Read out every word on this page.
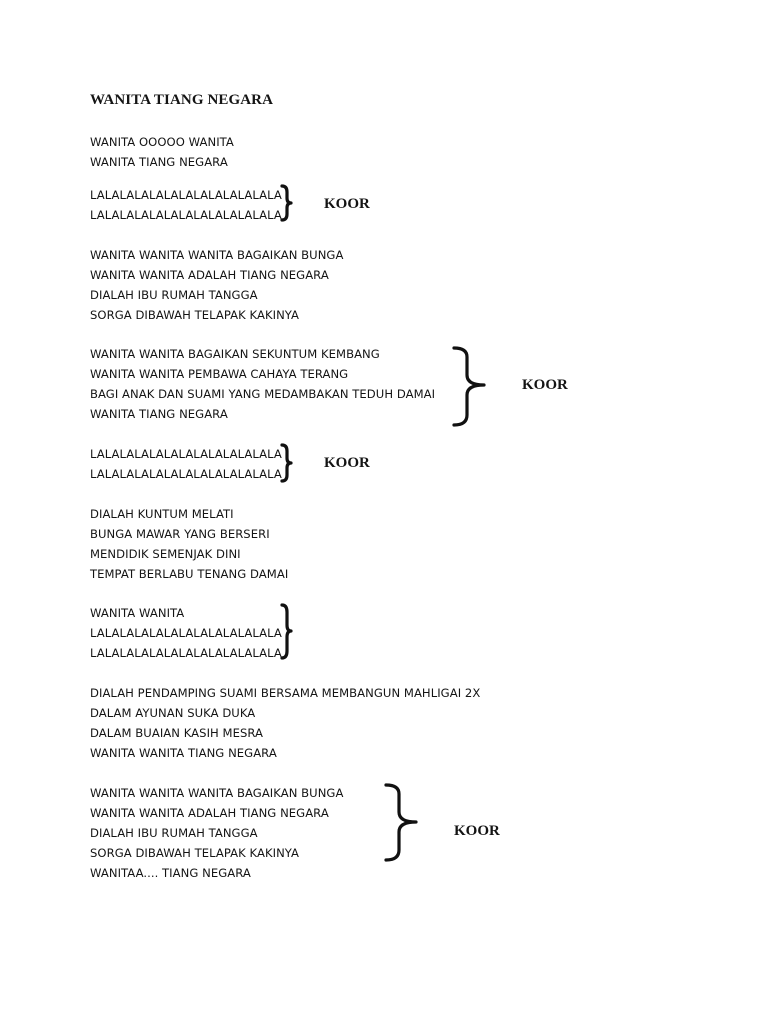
WANITA TIANG NEGARA
WANITA OOOOO WANITA
WANITA TIANG NEGARA
LALALALALALALALALALALALALA
LALALALALALALALALALALALALA
KOOR
WANITA WANITA WANITA BAGAIKAN BUNGA
WANITA WANITA ADALAH TIANG NEGARA
DIALAH IBU RUMAH TANGGA
SORGA DIBAWAH TELAPAK KAKINYA
WANITA WANITA BAGAIKAN SEKUNTUM KEMBANG
WANITA WANITA PEMBAWA CAHAYA TERANG
BAGI ANAK DAN SUAMI YANG MEDAMBAKAN TEDUH DAMAI
WANITA TIANG NEGARA
KOOR
LALALALALALALALALALALALALA
LALALALALALALALALALALALALA
KOOR
DIALAH KUNTUM MELATI
BUNGA MAWAR YANG BERSERI
MENDIDIK SEMENJAK DINI
TEMPAT BERLABU TENANG DAMAI
WANITA WANITA
LALALALALALALALALALALALALA
LALALALALALALALALALALALALA
DIALAH PENDAMPING SUAMI BERSAMA MEMBANGUN MAHLIGAI 2X
DALAM AYUNAN SUKA DUKA
DALAM BUAIAN KASIH MESRA
WANITA WANITA TIANG NEGARA
WANITA WANITA WANITA BAGAIKAN BUNGA
WANITA WANITA ADALAH TIANG NEGARA
DIALAH IBU RUMAH TANGGA
SORGA DIBAWAH TELAPAK KAKINYA
WANITAA.... TIANG NEGARA
KOOR
